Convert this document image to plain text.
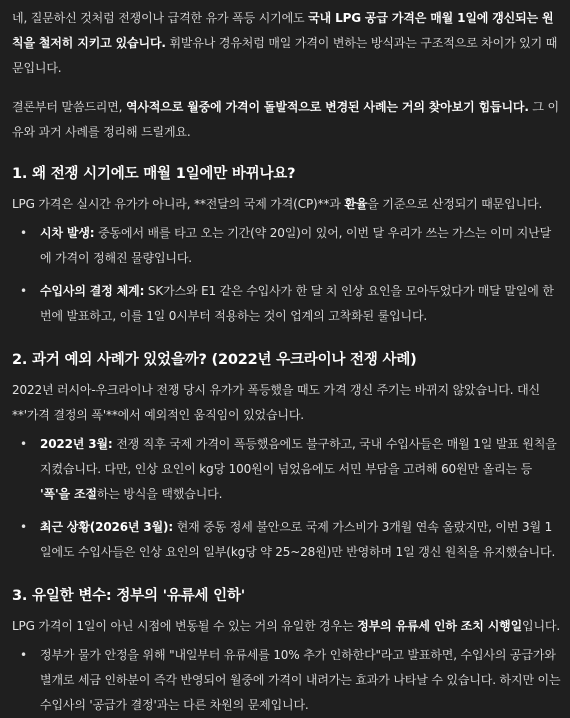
네, 질문하신 것처럼 전쟁이나 급격한 유가 폭등 시기에도 국내 LPG 공급 가격은 매월 1일에 갱신되는 원칙을 철저히 지키고 있습니다. 휘발유나 경유처럼 매일 가격이 변하는 방식과는 구조적으로 차이가 있기 때문입니다.

결론부터 말씀드리면, 역사적으로 월중에 가격이 돌발적으로 변경된 사례는 거의 찾아보기 힘듭니다. 그 이유와 과거 사례를 정리해 드릴게요.

1. 왜 전쟁 시기에도 매월 1일에만 바뀌나요?

LPG 가격은 실시간 유가가 아니라, **전달의 국제 가격(CP)**과 환율을 기준으로 산정되기 때문입니다.

• 시차 발생: 중동에서 배를 타고 오는 기간(약 20일)이 있어, 이번 달 우리가 쓰는 가스는 이미 지난달에 가격이 정해진 물량입니다.
• 수입사의 결정 체계: SK가스와 E1 같은 수입사가 한 달 치 인상 요인을 모아두었다가 매달 말일에 한 번에 발표하고, 이를 1일 0시부터 적용하는 것이 업계의 고착화된 룰입니다.
2. 과거 예외 사례가 있었을까? (2022년 우크라이나 전쟁 사례)

2022년 러시아-우크라이나 전쟁 당시 유가가 폭등했을 때도 가격 갱신 주기는 바뀌지 않았습니다. 대신 **'가격 결정의 폭'**에서 예외적인 움직임이 있었습니다.

• 2022년 3월: 전쟁 직후 국제 가격이 폭등했음에도 불구하고, 국내 수입사들은 매월 1일 발표 원칙을 지켰습니다. 다만, 인상 요인이 kg당 100원이 넘었음에도 서민 부담을 고려해 60원만 올리는 등 '폭'을 조절하는 방식을 택했습니다.
• 최근 상황(2026년 3월): 현재 중동 정세 불안으로 국제 가스비가 3개월 연속 올랐지만, 이번 3월 1일에도 수입사들은 인상 요인의 일부(kg당 약 25~28원)만 반영하며 1일 갱신 원칙을 유지했습니다.
3. 유일한 변수: 정부의 '유류세 인하'

LPG 가격이 1일이 아닌 시점에 변동될 수 있는 거의 유일한 경우는 정부의 유류세 인하 조치 시행일입니다.

• 정부가 물가 안정을 위해 "내일부터 유류세를 10% 추가 인하한다"라고 발표하면, 수입사의 공급가와 별개로 세금 인하분이 즉각 반영되어 월중에 가격이 내려가는 효과가 나타날 수 있습니다. 하지만 이는 수입사의 '공급가 결정'과는 다른 차원의 문제입니다.
